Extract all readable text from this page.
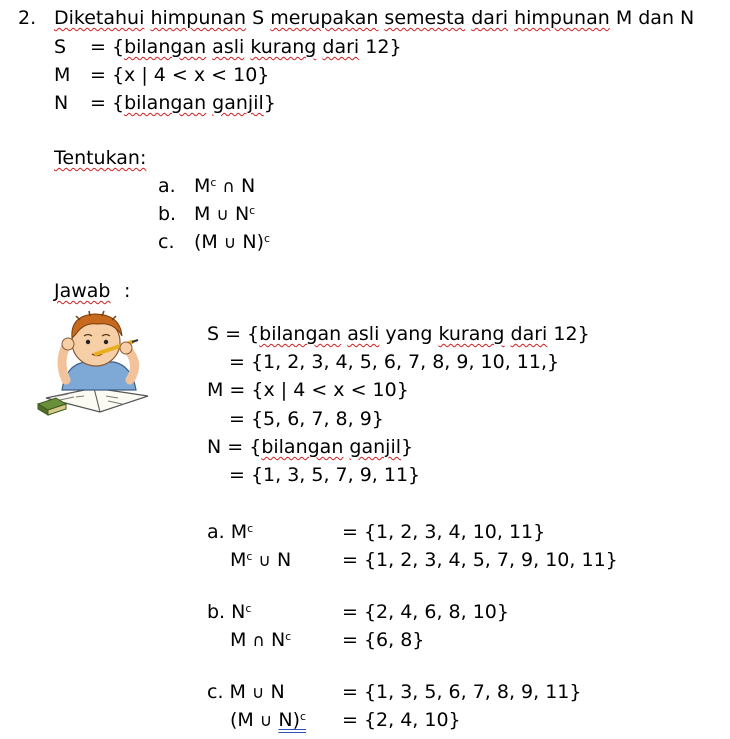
2. Diketahui himpunan S merupakan semesta dari himpunan M dan N
S = {bilangan asli kurang dari 12}
M = {x | 4 < x < 10}
N = {bilangan ganjil}
Tentukan:
a. $M^c$ ∩ N
b. M ∪ $N^c$
c. (M ∪ N)$^c$
Jawab :
S = {bilangan asli yang kurang dari 12}
= {1, 2, 3, 4, 5, 6, 7, 8, 9, 10, 11,}
M = {x | 4 < x < 10}
= {5, 6, 7, 8, 9}
N = {bilangan ganjil}
= {1, 3, 5, 7, 9, 11}
a. $M^c$	= {1, 2, 3, 4, 10, 11}
$M^c$ ∪ N	= {1, 2, 3, 4, 5, 7, 9, 10, 11}
b. $N^c$	= {2, 4, 6, 8, 10}
M ∩ $N^c$	= {6, 8}
c. M ∪ N	= {1, 3, 5, 6, 7, 8, 9, 11}
(M ∪ N)$^c$ = {2, 4, 10}
